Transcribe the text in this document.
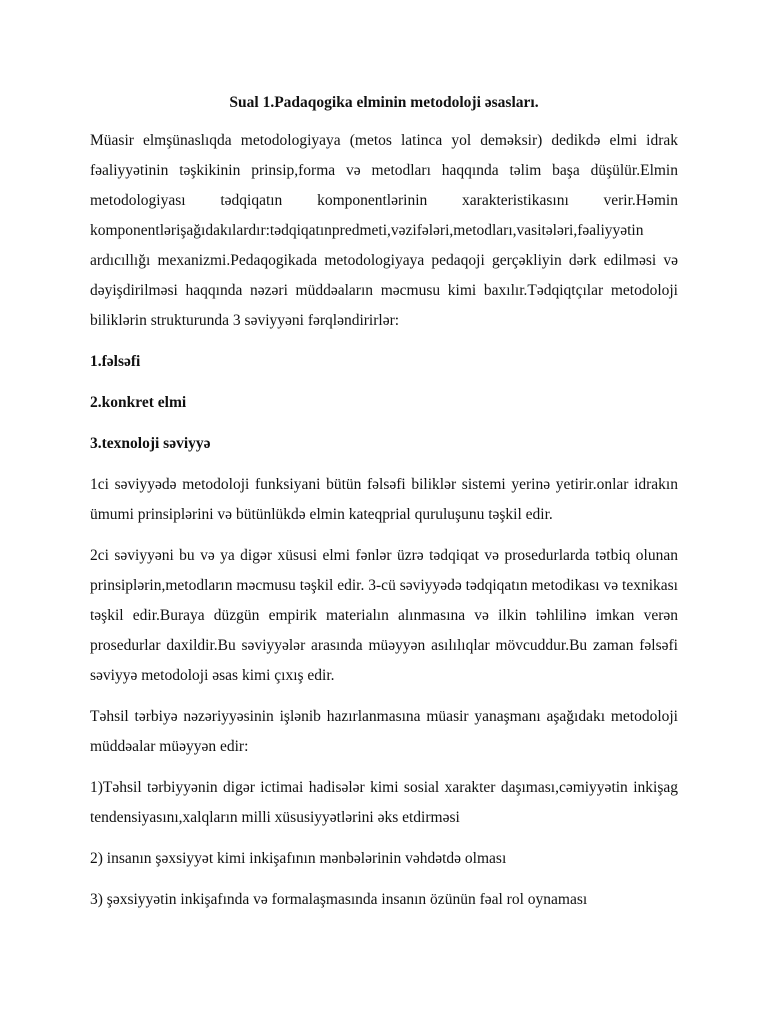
Sual 1.Padaqogika elminin metodoloji əsasları.

Müasir elmşünaslıqda metodologiyaya (metos latinca yol deməksir) dedikdə elmi idrak fəaliyyətinin təşkikinin prinsip,forma və metodları haqqında təlim başa düşülür.Elmin metodologiyası tədqiqatın komponentlərinin xarakteristikasını verir.Həmin komponentlərişağıdakılardır:tədqiqatınpredmeti,vəzifələri,metodları,vasitələri,fəaliyyətin ardıcıllığı mexanizmi.Pedaqogikada metodologiyaya pedaqoji gerçəkliyin dərk edilməsi və dəyişdirilməsi haqqında nəzəri müddəaların məcmusu kimi baxılır.Tədqiqtçılar metodoloji biliklərin strukturunda 3 səviyyəni fərqləndirirlər:

1.fəlsəfi

2.konkret elmi

3.texnoloji səviyyə

1ci səviyyədə metodoloji funksiyani bütün fəlsəfi biliklər sistemi yerinə yetirir.onlar idrakın ümumi prinsiplərini və bütünlükdə elmin kateqprial quruluşunu təşkil edir.

2ci səviyyəni bu və ya digər xüsusi elmi fənlər üzrə tədqiqat və prosedurlarda tətbiq olunan prinsiplərin,metodların məcmusu təşkil edir. 3-cü səviyyədə tədqiqatın metodikası və texnikası təşkil edir.Buraya düzgün empirik materialın alınmasına və ilkin təhlilinə imkan verən prosedurlar daxildir.Bu səviyyələr arasında müəyyən asılılıqlar mövcuddur.Bu zaman fəlsəfi səviyyə metodoloji əsas kimi çıxış edir.

Təhsil tərbiyə nəzəriyyəsinin işlənib hazırlanmasına müasir yanaşmanı aşağıdakı metodoloji müddəalar müəyyən edir:

1)Təhsil tərbiyyənin digər ictimai hadisələr kimi sosial xarakter daşıması,cəmiyyətin inkişag tendensiyasını,xalqların milli xüsusiyyətlərini əks etdirməsi

2) insanın şəxsiyyət kimi inkişafının mənbələrinin vəhdətdə olması

3) şəxsiyyətin inkişafında və formalaşmasında insanın özünün fəal rol oynaması
